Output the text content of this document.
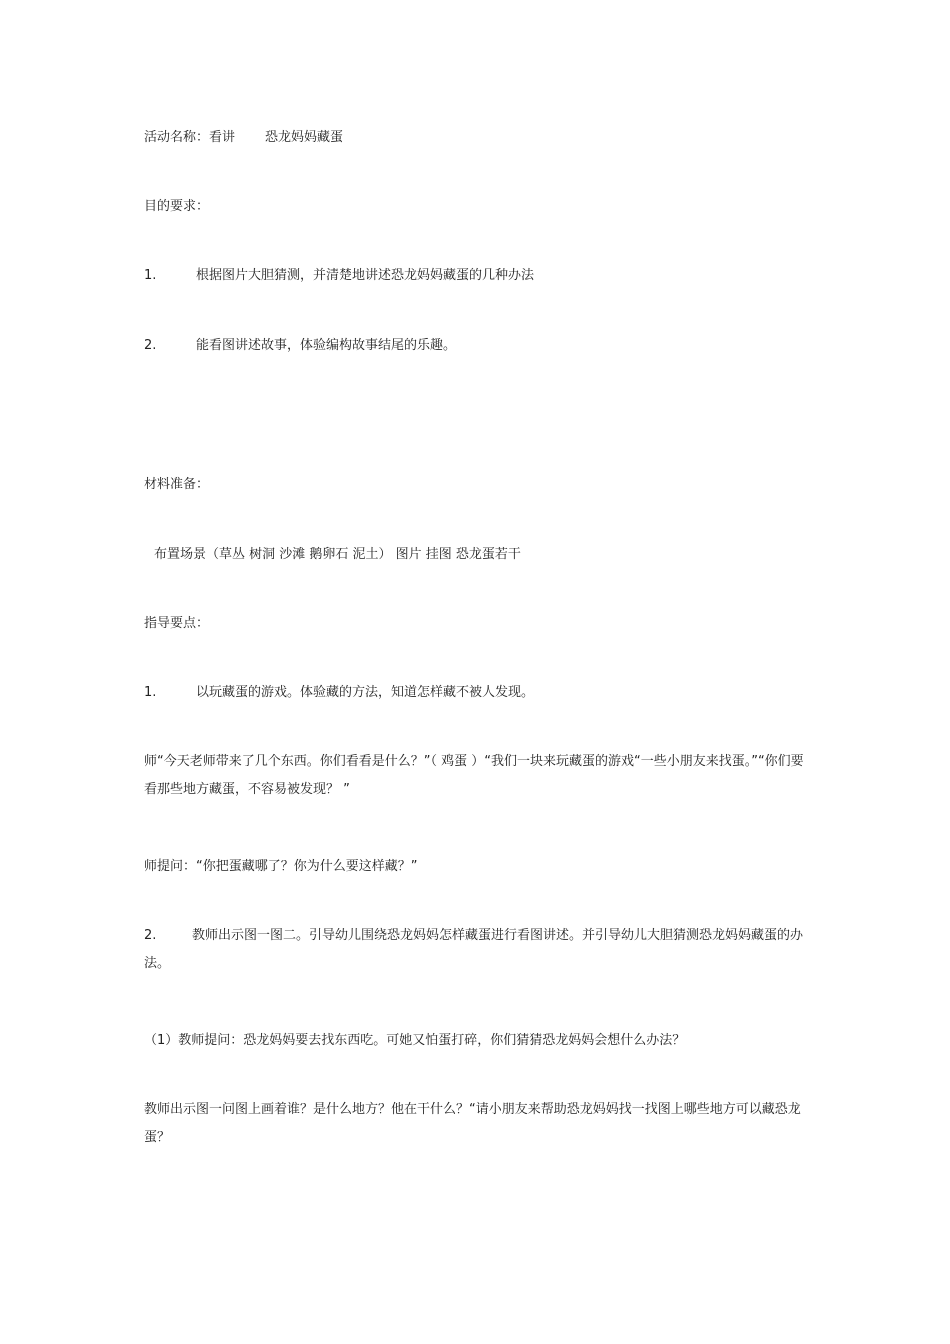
活动名称：看讲 恐龙妈妈藏蛋
目的要求：
1.	根据图片大胆猜测，并清楚地讲述恐龙妈妈藏蛋的几种办法
2.	能看图讲述故事，体验编构故事结尾的乐趣。
材料准备：
布置场景（草丛 树洞 沙滩 鹅卵石 泥土） 图片 挂图 恐龙蛋若干
指导要点：
1.	以玩藏蛋的游戏。体验藏的方法，知道怎样藏不被人发现。
师“今天老师带来了几个东西。你们看看是什么？”（ 鸡蛋 ）“我们一块来玩藏蛋的游戏“一些小朋友来找蛋。”“你们要看那些地方藏蛋，不容易被发现？ ”
师提问：“你把蛋藏哪了？你为什么要这样藏？”
2.	教师出示图一图二。引导幼儿围绕恐龙妈妈怎样藏蛋进行看图讲述。并引导幼儿大胆猜测恐龙妈妈藏蛋的办法。
（1）教师提问：恐龙妈妈要去找东西吃。可她又怕蛋打碎，你们猜猜恐龙妈妈会想什么办法？
教师出示图一问图上画着谁？是什么地方？他在干什么？“请小朋友来帮助恐龙妈妈找一找图上哪些地方可以藏恐龙蛋？
